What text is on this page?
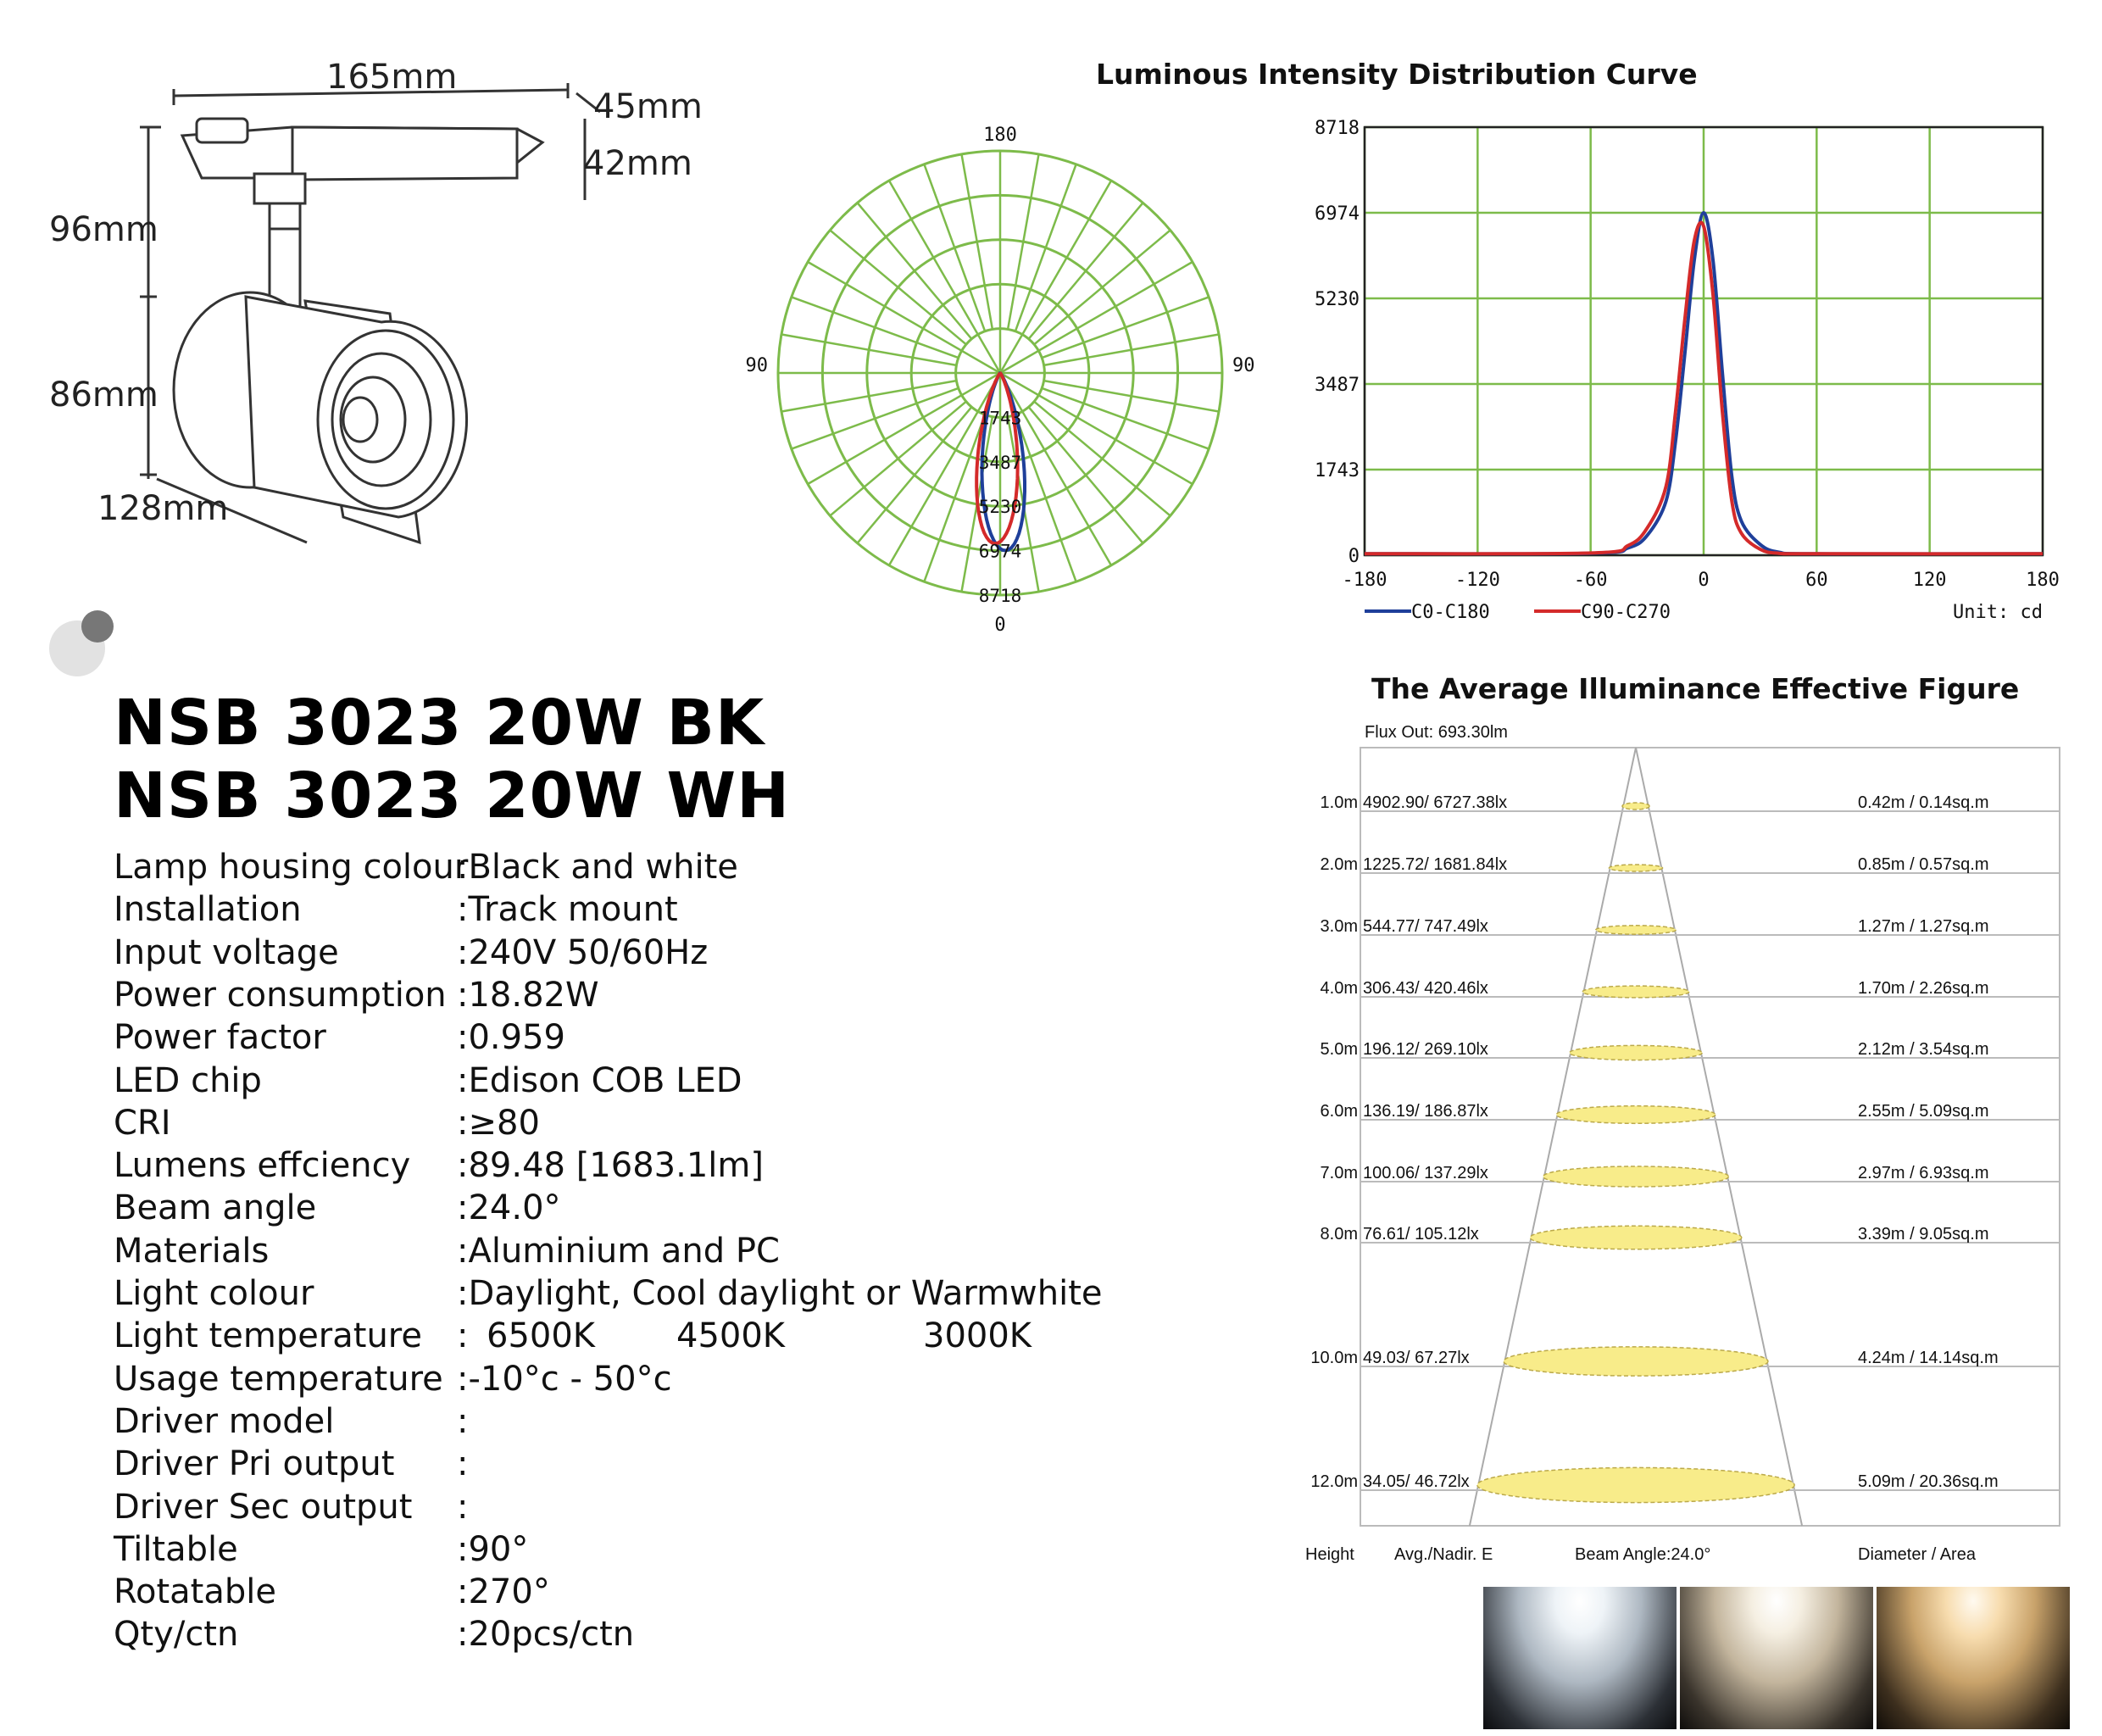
165mm
45mm
42mm
96mm
86mm
128mm
NSB 3023 20W BK
NSB 3023 20W WH
Lamp housing colour
:Black and white
Installation	:Track mount
Input voltage	:240V 50/60Hz
Power consumption :18.82W
Power factor	:0.959
LED chip	:Edison COB LED
CRI	:≥80
Lumens effciency :89.48 [1683.1lm]
Beam angle	:24.0°
Materials	:Aluminium and PC
Light colour	:Daylight, Cool daylight or Warmwhite
Light temperature : 6500K 4500K	3000K
Usage temperature :-10°c - 50°c
Driver model	:
Driver Pri output :
Driver Sec output :
Tiltable	:90°
Rotatable	:270°
Qty/ctn	:20pcs/ctn
Luminous Intensity Distribution Curve
180
90	90
0
1743
3487
5230
6974
8718
-180	-120	-60	0	60	120	180
0
1743
3487
5230
6974
8718
C0-C180	C90-C270	Unit: cd
The Average Illuminance Effective Figure
Flux Out: 693.30lm
1.0m 4902.90/ 6727.38lx	0.42m / 0.14sq.m
2.0m 1225.72/ 1681.84lx	0.85m / 0.57sq.m
3.0m 544.77/ 747.49lx	1.27m / 1.27sq.m
4.0m 306.43/ 420.46lx	1.70m / 2.26sq.m
5.0m 196.12/ 269.10lx	2.12m / 3.54sq.m
6.0m 136.19/ 186.87lx	2.55m / 5.09sq.m
7.0m 100.06/ 137.29lx	2.97m / 6.93sq.m
8.0m 76.61/ 105.12lx	3.39m / 9.05sq.m
10.0m 49.03/ 67.27lx	4.24m / 14.14sq.m
12.0m 34.05/ 46.72lx	5.09m / 20.36sq.m
Height Avg./Nadir. E	Beam Angle:24.0°	Diameter / Area
